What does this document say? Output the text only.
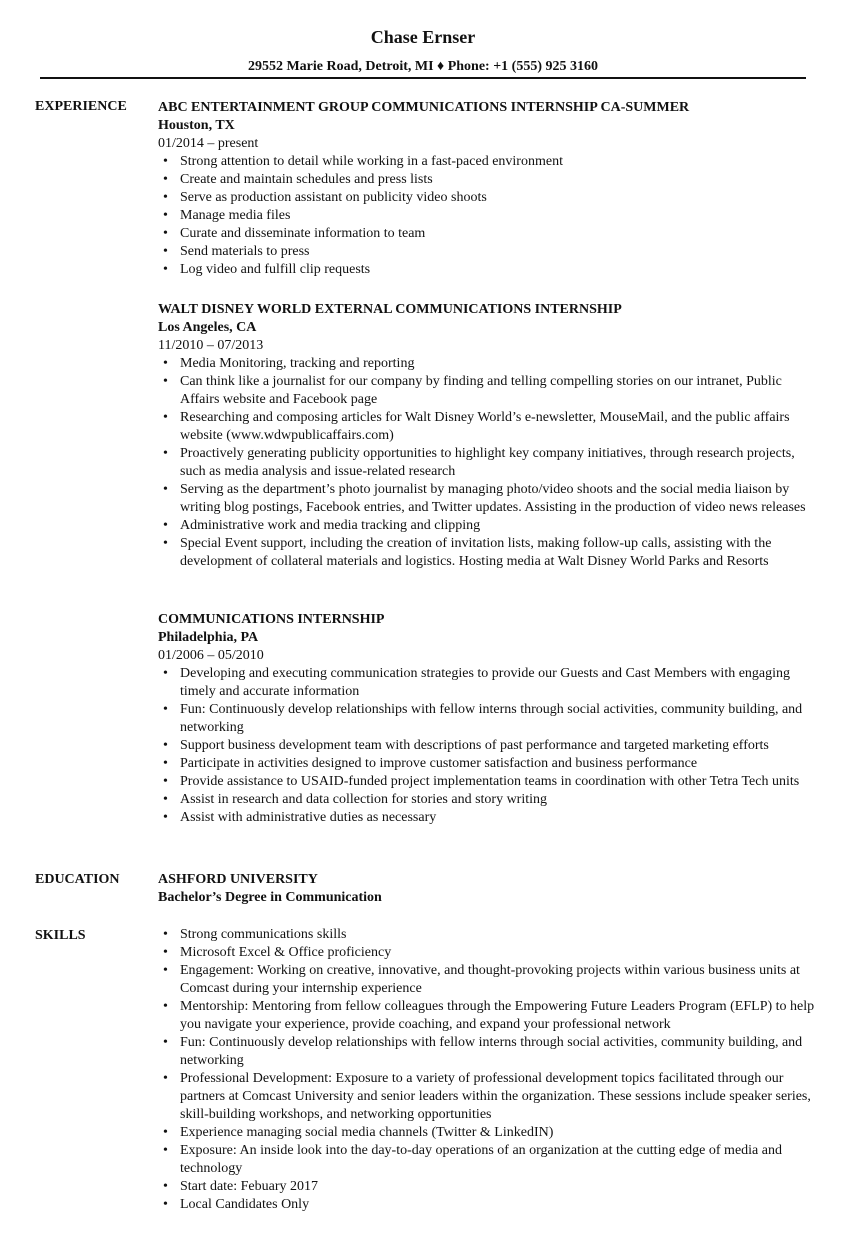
Chase Ernser
29552 Marie Road, Detroit, MI ♦ Phone: +1 (555) 925 3160
EXPERIENCE ABC ENTERTAINMENT GROUP COMMUNICATIONS INTERNSHIP CA-SUMMER
Houston, TX
01/2014 – present
• Strong attention to detail while working in a fast-paced environment
• Create and maintain schedules and press lists
• Serve as production assistant on publicity video shoots
• Manage media files
• Curate and disseminate information to team
• Send materials to press
• Log video and fulfill clip requests
WALT DISNEY WORLD EXTERNAL COMMUNICATIONS INTERNSHIP
Los Angeles, CA
11/2010 – 07/2013
• Media Monitoring, tracking and reporting
• Can think like a journalist for our company by finding and telling compelling stories on our intranet, Public Affairs website and Facebook page
• Researching and composing articles for Walt Disney World’s e-newsletter, MouseMail, and the public affairs website (www.wdwpublicaffairs.com)
• Proactively generating publicity opportunities to highlight key company initiatives, through research projects, such as media analysis and issue-related research
• Serving as the department’s photo journalist by managing photo/video shoots and the social media liaison by writing blog postings, Facebook entries, and Twitter updates. Assisting in the production of video news releases
• Administrative work and media tracking and clipping
• Special Event support, including the creation of invitation lists, making follow-up calls, assisting with the development of collateral materials and logistics. Hosting media at Walt Disney World Parks and Resorts
COMMUNICATIONS INTERNSHIP
Philadelphia, PA
01/2006 – 05/2010
• Developing and executing communication strategies to provide our Guests and Cast Members with engaging timely and accurate information
• Fun: Continuously develop relationships with fellow interns through social activities, community building, and networking
• Support business development team with descriptions of past performance and targeted marketing efforts
• Participate in activities designed to improve customer satisfaction and business performance
• Provide assistance to USAID-funded project implementation teams in coordination with other Tetra Tech units
• Assist in research and data collection for stories and story writing
• Assist with administrative duties as necessary
EDUCATION	ASHFORD UNIVERSITY
Bachelor’s Degree in Communication
SKILLS
•	Strong communications skills
• Microsoft Excel & Office proficiency
• Engagement: Working on creative, innovative, and thought-provoking projects within various business units at Comcast during your internship experience
• Mentorship: Mentoring from fellow colleagues through the Empowering Future Leaders Program (EFLP) to help you navigate your experience, provide coaching, and expand your professional network
• Fun: Continuously develop relationships with fellow interns through social activities, community building, and networking
• Professional Development: Exposure to a variety of professional development topics facilitated through our partners at Comcast University and senior leaders within the organization. These sessions include speaker series, skill-building workshops, and networking opportunities
• Experience managing social media channels (Twitter & LinkedIN)
• Exposure: An inside look into the day-to-day operations of an organization at the cutting edge of media and technology
• Start date: Febuary 2017
• Local Candidates Only
